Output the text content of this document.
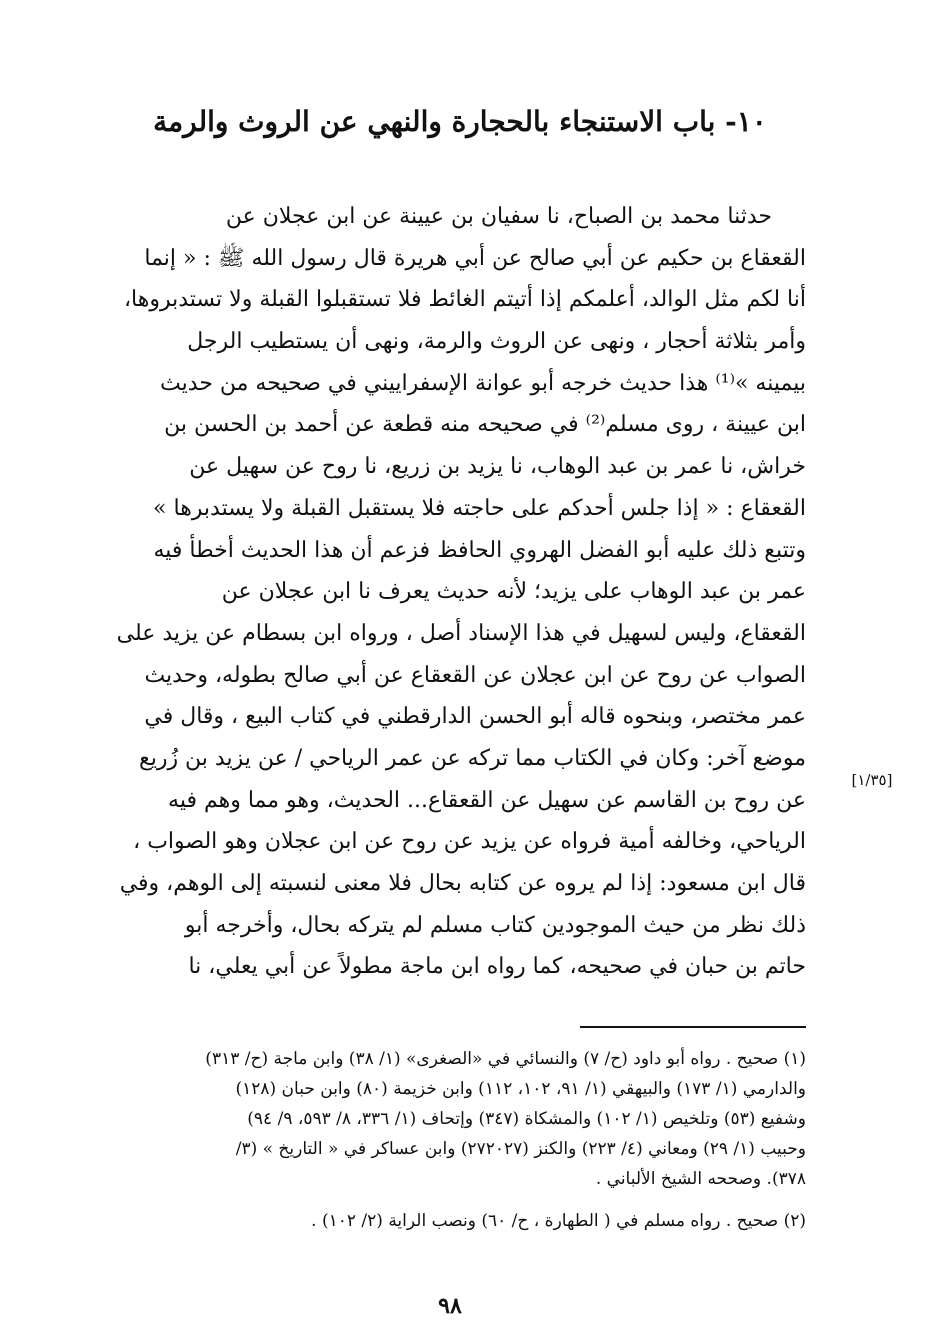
١٠- باب الاستنجاء بالحجارة والنهي عن الروث والرمة
حدثنا محمد بن الصباح، نا سفيان بن عيينة عن ابن عجلان عن
القعقاع بن حكيم عن أبي صالح عن أبي هريرة قال رسول الله ﷺ : « إنما
أنا لكم مثل الوالد، أعلمكم إذا أتيتم الغائط فلا تستقبلوا القبلة ولا تستدبروها،
وأمر بثلاثة أحجار ، ونهى عن الروث والرمة، ونهى أن يستطيب الرجل
بيمينه »⁽¹⁾ هذا حديث خرجه أبو عوانة الإسفراييني في صحيحه من حديث
ابن عيينة ، روى مسلم⁽²⁾ في صحيحه منه قطعة عن أحمد بن الحسن بن
خراش، نا عمر بن عبد الوهاب، نا يزيد بن زريع، نا روح عن سهيل عن
القعقاع : « إذا جلس أحدكم على حاجته فلا يستقبل القبلة ولا يستدبرها »
وتتبع ذلك عليه أبو الفضل الهروي الحافظ فزعم أن هذا الحديث أخطأ فيه
عمر بن عبد الوهاب على يزيد؛ لأنه حديث يعرف نا ابن عجلان عن
القعقاع، وليس لسهيل في هذا الإسناد أصل ، ورواه ابن بسطام عن يزيد على
الصواب عن روح عن ابن عجلان عن القعقاع عن أبي صالح بطوله، وحديث
عمر مختصر، وبنحوه قاله أبو الحسن الدارقطني في كتاب البيع ، وقال في
موضع آخر: وكان في الكتاب مما تركه عن عمر الرياحي / عن يزيد بن زُريع
عن روح بن القاسم عن سهيل عن القعقاع... الحديث، وهو مما وهم فيه
الرياحي، وخالفه أمية فرواه عن يزيد عن روح عن ابن عجلان وهو الصواب ،
قال ابن مسعود: إذا لم يروه عن كتابه بحال فلا معنى لنسبته إلى الوهم، وفي
ذلك نظر من حيث الموجودين كتاب مسلم لم يتركه بحال، وأخرجه أبو
حاتم بن حبان في صحيحه، كما رواه ابن ماجة مطولاً عن أبي يعلي، نا
[١/٣٥]
(١) صحيح . رواه أبو داود (ح/ ٧) والنسائي في «الصغرى» (١/ ٣٨) وابن ماجة (ح/ ٣١٣)
والدارمي (١/ ١٧٣) والبيهقي (١/ ٩١، ١٠٢، ١١٢) وابن خزيمة (٨٠) وابن حبان (١٢٨)
وشفيع (٥٣) وتلخيص (١/ ١٠٢) والمشكاة (٣٤٧) وإتحاف (١/ ٣٣٦، ٨/ ٥٩٣، ٩/ ٩٤)
وحبيب (١/ ٢٩) ومعاني (٤/ ٢٢٣) والكنز (٢٧٢٠٢٧) وابن عساكر في « التاريخ » (٣/
٣٧٨). وصححه الشيخ الألباني .
(٢) صحيح . رواه مسلم في ( الطهارة ، ح/ ٦٠) ونصب الراية (٢/ ١٠٢) .
٩٨
